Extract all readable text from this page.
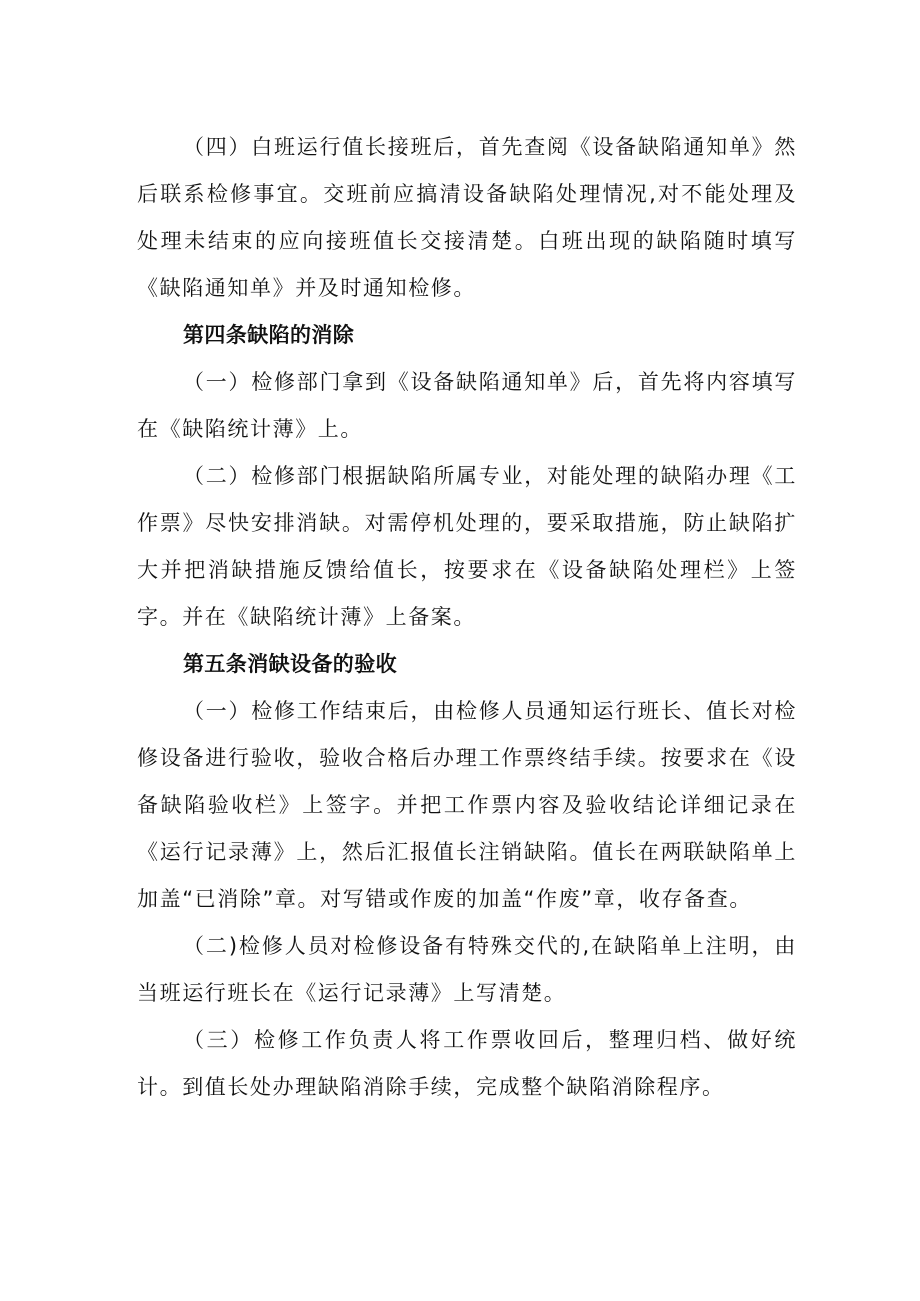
（四）白班运行值长接班后，首先查阅《设备缺陷通知单》然后联系检修事宜。交班前应搞清设备缺陷处理情况,对不能处理及处理未结束的应向接班值长交接清楚。白班出现的缺陷随时填写《缺陷通知单》并及时通知检修。

第四条缺陷的消除

（一）检修部门拿到《设备缺陷通知单》后，首先将内容填写在《缺陷统计薄》上。

（二）检修部门根据缺陷所属专业，对能处理的缺陷办理《工作票》尽快安排消缺。对需停机处理的，要采取措施，防止缺陷扩大并把消缺措施反馈给值长，按要求在《设备缺陷处理栏》上签字。并在《缺陷统计薄》上备案。

第五条消缺设备的验收

（一）检修工作结束后，由检修人员通知运行班长、值长对检修设备进行验收，验收合格后办理工作票终结手续。按要求在《设备缺陷验收栏》上签字。并把工作票内容及验收结论详细记录在《运行记录薄》上，然后汇报值长注销缺陷。值长在两联缺陷单上加盖“已消除”章。对写错或作废的加盖“作废”章，收存备查。

（二)检修人员对检修设备有特殊交代的,在缺陷单上注明，由当班运行班长在《运行记录薄》上写清楚。

（三）检修工作负责人将工作票收回后，整理归档、做好统计。到值长处办理缺陷消除手续，完成整个缺陷消除程序。
